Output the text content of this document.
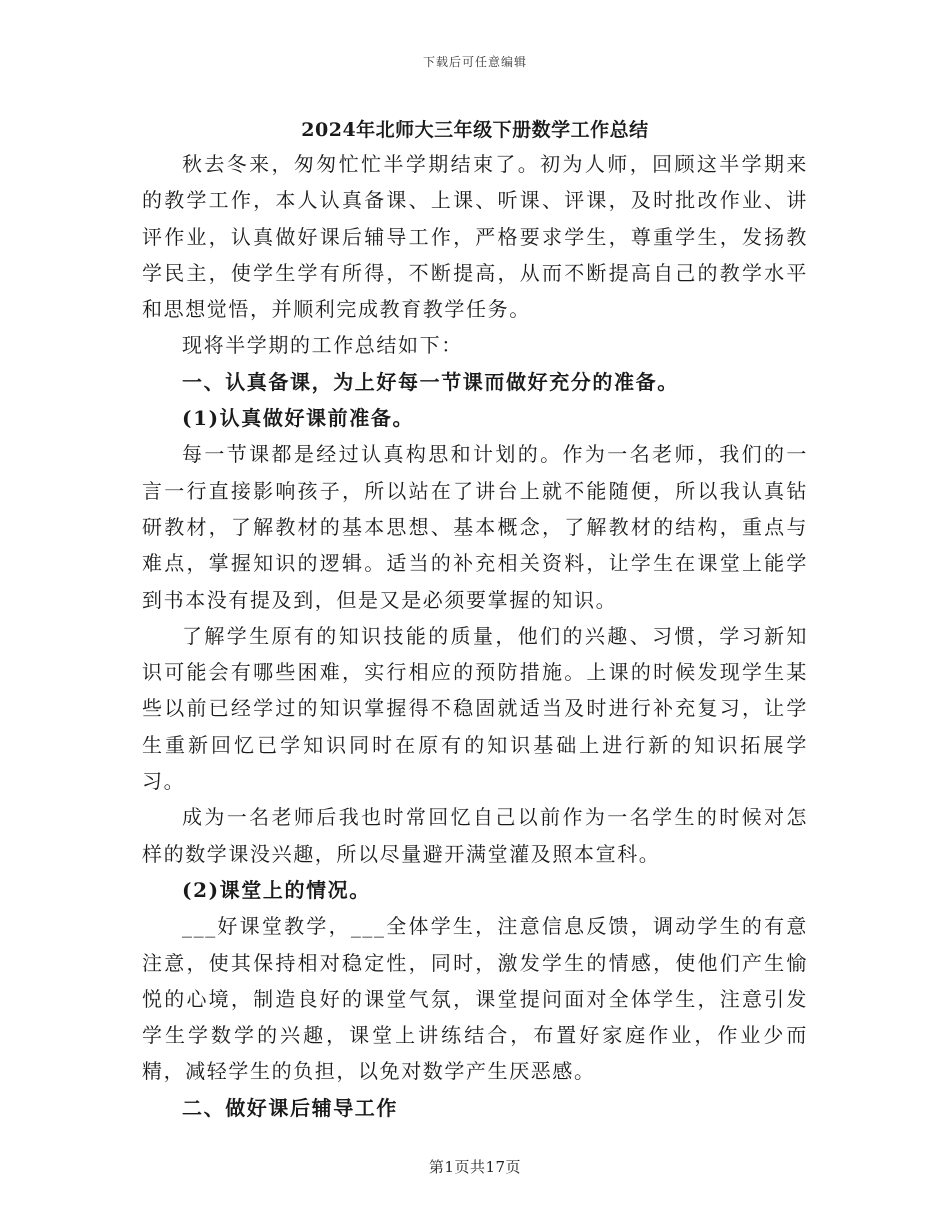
下载后可任意编辑
2024年北师大三年级下册数学工作总结

秋去冬来，匆匆忙忙半学期结束了。初为人师，回顾这半学期来的教学工作，本人认真备课、上课、听课、评课，及时批改作业、讲评作业，认真做好课后辅导工作，严格要求学生，尊重学生，发扬教学民主，使学生学有所得，不断提高，从而不断提高自己的教学水平和思想觉悟，并顺利完成教育教学任务。

现将半学期的工作总结如下：

一、认真备课，为上好每一节课而做好充分的准备。

(1)认真做好课前准备。

每一节课都是经过认真构思和计划的。作为一名老师，我们的一言一行直接影响孩子，所以站在了讲台上就不能随便，所以我认真钻研教材，了解教材的基本思想、基本概念，了解教材的结构，重点与难点，掌握知识的逻辑。适当的补充相关资料，让学生在课堂上能学到书本没有提及到，但是又是必须要掌握的知识。

了解学生原有的知识技能的质量，他们的兴趣、习惯，学习新知识可能会有哪些困难，实行相应的预防措施。上课的时候发现学生某些以前已经学过的知识掌握得不稳固就适当及时进行补充复习，让学生重新回忆已学知识同时在原有的知识基础上进行新的知识拓展学习。

成为一名老师后我也时常回忆自己以前作为一名学生的时候对怎样的数学课没兴趣，所以尽量避开满堂灌及照本宣科。

(2)课堂上的情况。

___好课堂教学，___全体学生，注意信息反馈，调动学生的有意注意，使其保持相对稳定性，同时，激发学生的情感，使他们产生愉悦的心境，制造良好的课堂气氛，课堂提问面对全体学生，注意引发学生学数学的兴趣，课堂上讲练结合，布置好家庭作业，作业少而精，减轻学生的负担，以免对数学产生厌恶感。

二、做好课后辅导工作

第1页共17页
